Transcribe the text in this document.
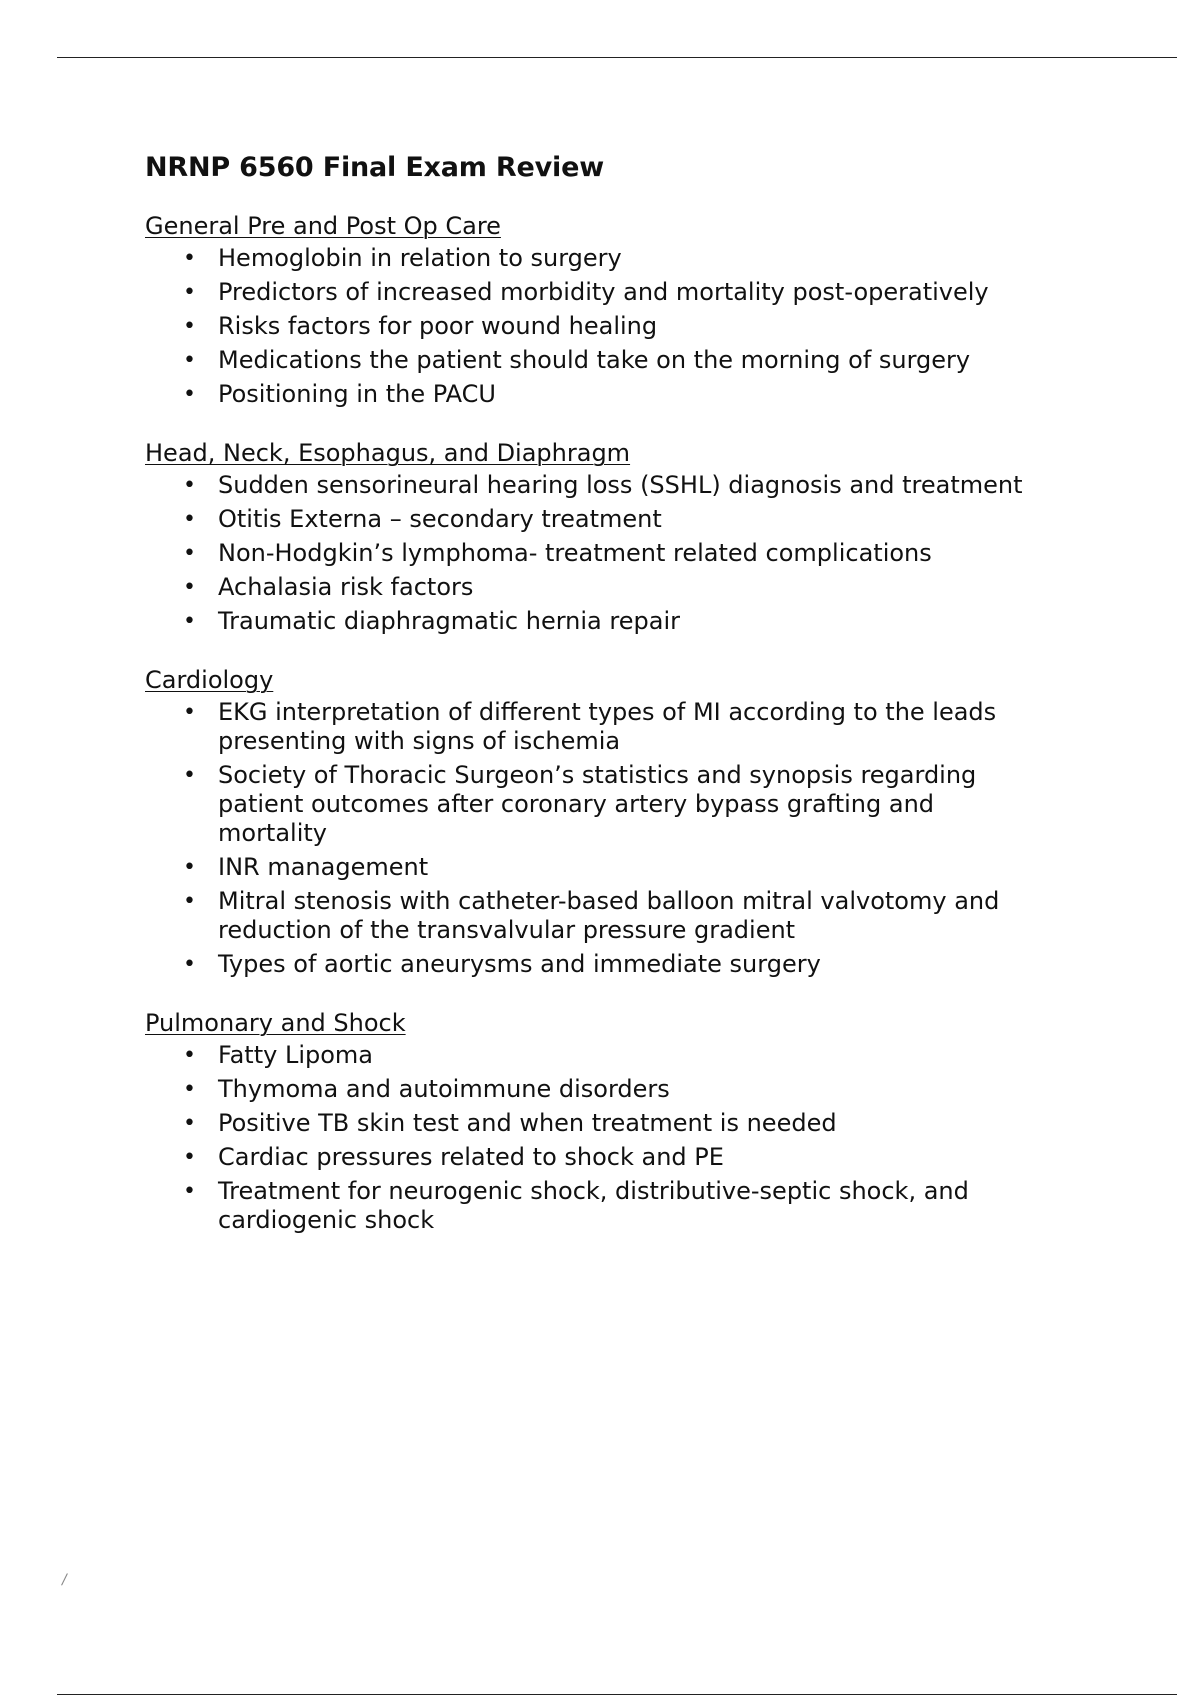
NRNP 6560 Final Exam Review
General Pre and Post Op Care
• Hemoglobin in relation to surgery
• Predictors of increased morbidity and mortality post-operatively
• Risks factors for poor wound healing
• Medications the patient should take on the morning of surgery
• Positioning in the PACU
Head, Neck, Esophagus, and Diaphragm
• Sudden sensorineural hearing loss (SSHL) diagnosis and treatment
• Otitis Externa – secondary treatment
• Non-Hodgkin’s lymphoma- treatment related complications
• Achalasia risk factors
• Traumatic diaphragmatic hernia repair
Cardiology
• EKG interpretation of different types of MI according to the leads presenting with signs of ischemia
• Society of Thoracic Surgeon’s statistics and synopsis regarding patient outcomes after coronary artery bypass grafting and mortality
• INR management
• Mitral stenosis with catheter-based balloon mitral valvotomy and reduction of the transvalvular pressure gradient
• Types of aortic aneurysms and immediate surgery
Pulmonary and Shock
• Fatty Lipoma
• Thymoma and autoimmune disorders
• Positive TB skin test and when treatment is needed
• Cardiac pressures related to shock and PE
• Treatment for neurogenic shock, distributive-septic shock, and cardiogenic shock
/
